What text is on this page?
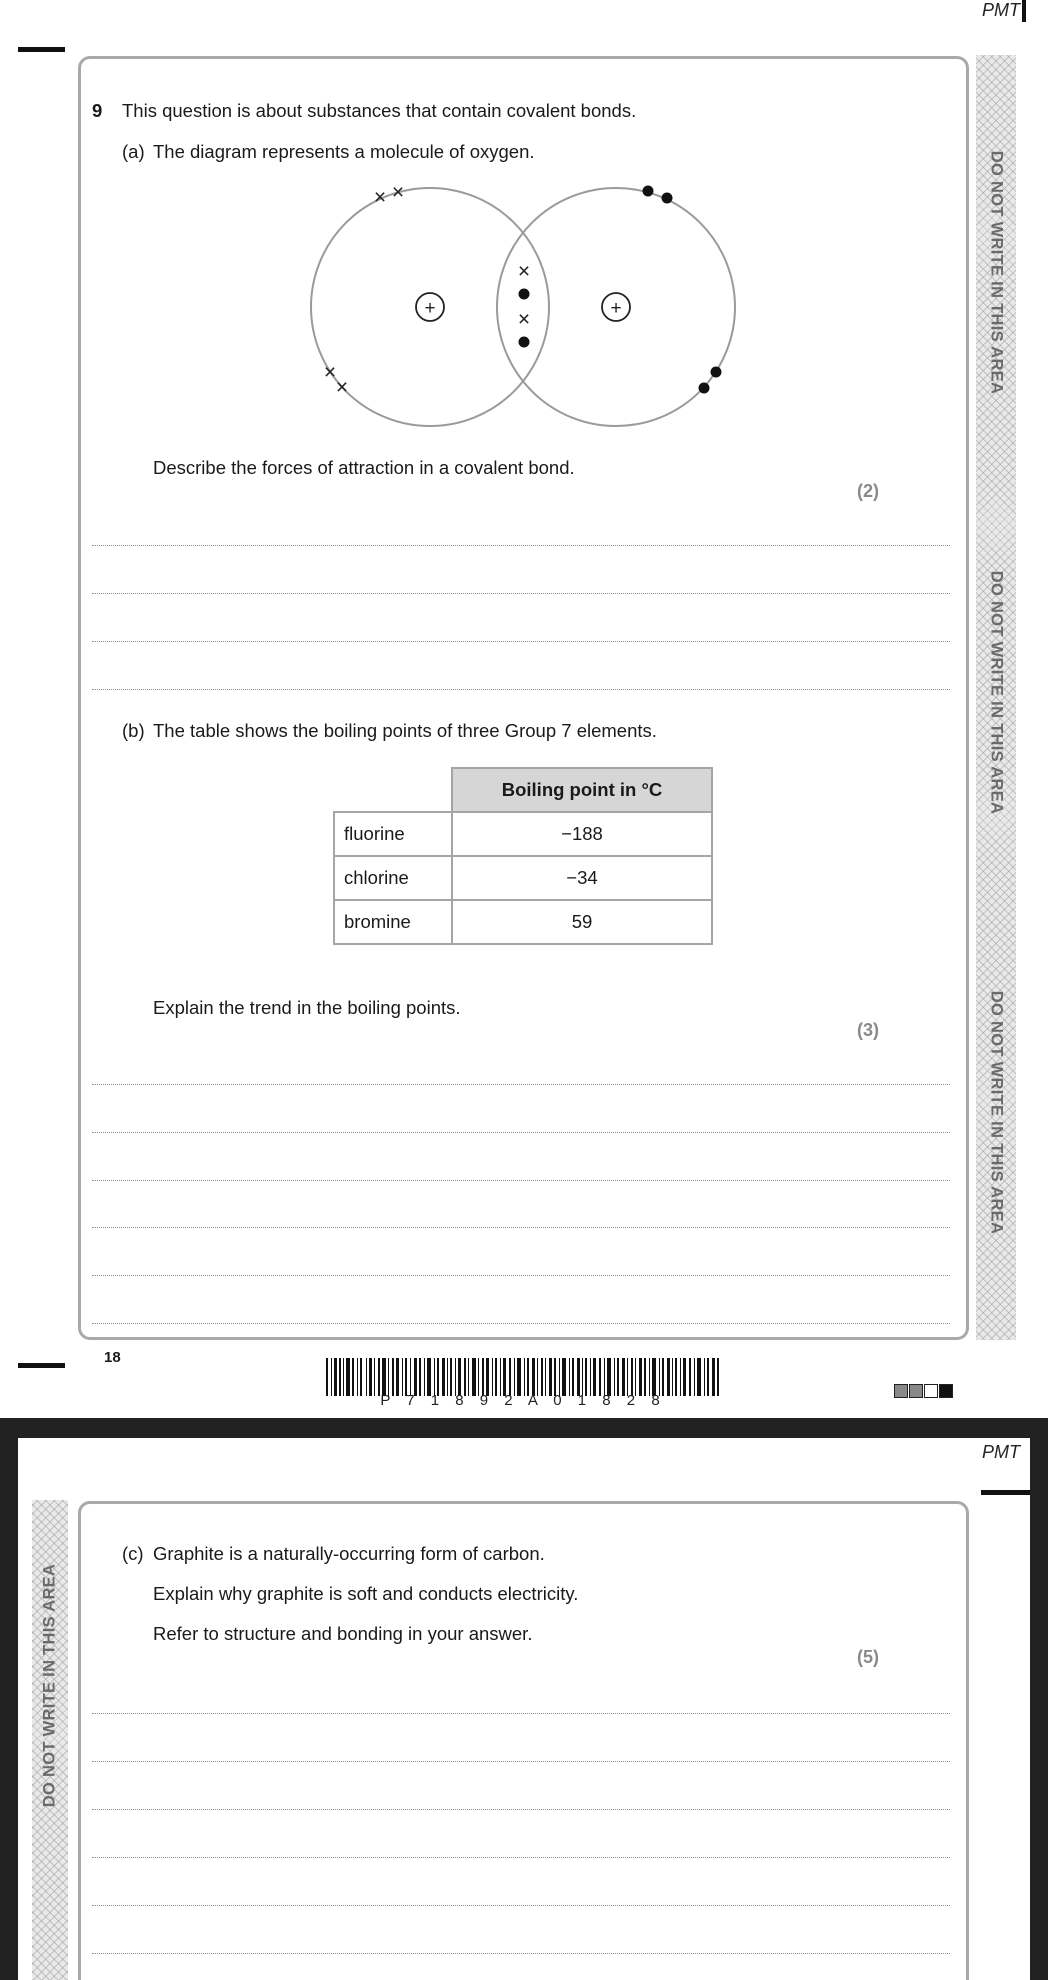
PMT
DO NOT WRITE IN THIS AREA
DO NOT WRITE IN THIS AREA
DO NOT WRITE IN THIS AREA
9 This question is about substances that contain covalent bonds.
(a) The diagram represents a molecule of oxygen.
+	+
×
×
× ×
×
×
Describe the forces of attraction in a covalent bond.
(2)
(b) The table shows the boiling points of three Group 7 elements.
	Boiling point in °C
fluorine	−188
chlorine	−34
bromine	59
Explain the trend in the boiling points.
(3)
18
P 7 1 8 9 2 A 0 1 8 2 8
PMT
DO NOT WRITE IN THIS AREA
(c) Graphite is a naturally-occurring form of carbon.
Explain why graphite is soft and conducts electricity.
Refer to structure and bonding in your answer.
(5)
